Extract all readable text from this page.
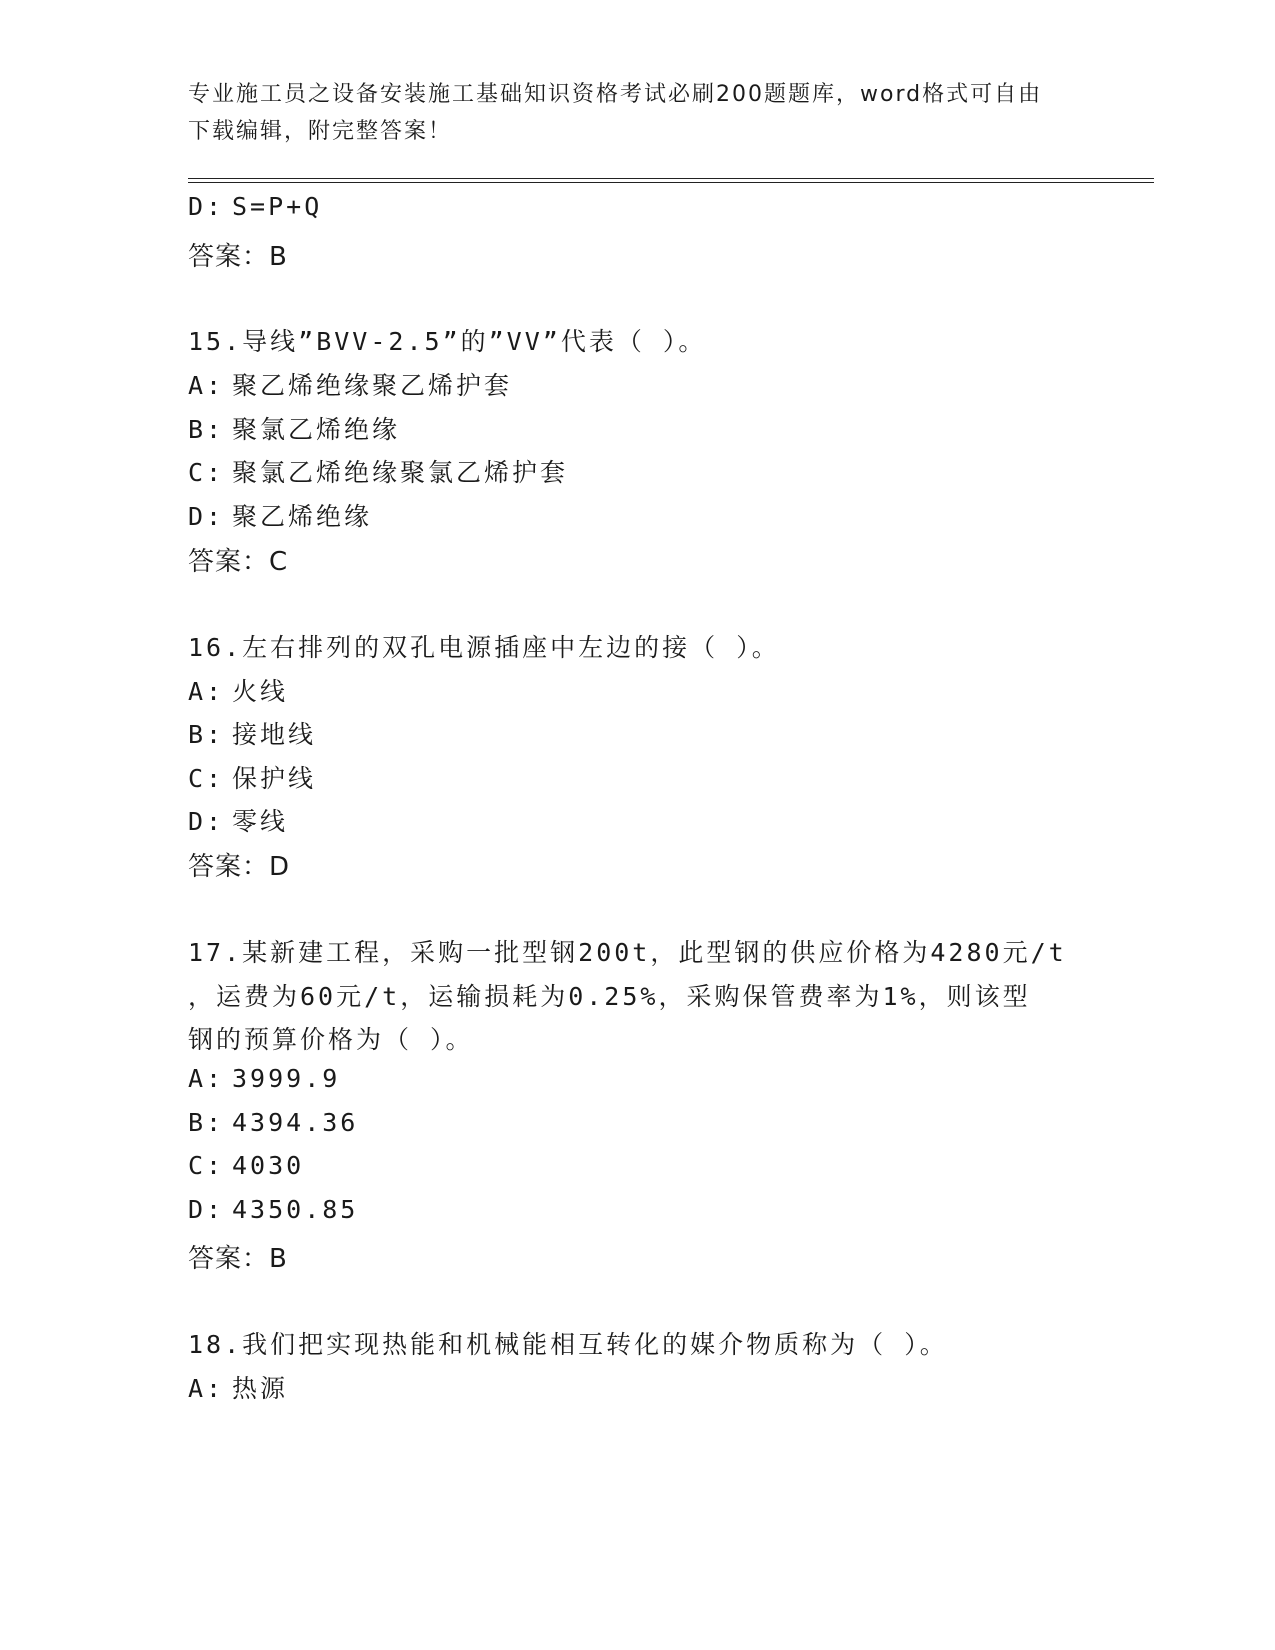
专业施工员之设备安装施工基础知识资格考试必刷200题题库，word格式可自由
下载编辑，附完整答案！
D: S=P+Q
答案：B
15.导线”BVV-2.5”的”VV”代表（ ）。
A: 聚乙烯绝缘聚乙烯护套
B: 聚氯乙烯绝缘
C: 聚氯乙烯绝缘聚氯乙烯护套
D: 聚乙烯绝缘
答案：C
16.左右排列的双孔电源插座中左边的接（ ）。
A: 火线
B: 接地线
C: 保护线
D: 零线
答案：D
17.某新建工程，采购一批型钢200t，此型钢的供应价格为4280元/t
，运费为60元/t，运输损耗为0.25%，采购保管费率为1%，则该型
钢的预算价格为（ ）。
A: 3999.9
B: 4394.36
C: 4030
D: 4350.85
答案：B
18.我们把实现热能和机械能相互转化的媒介物质称为（ ）。
A: 热源
